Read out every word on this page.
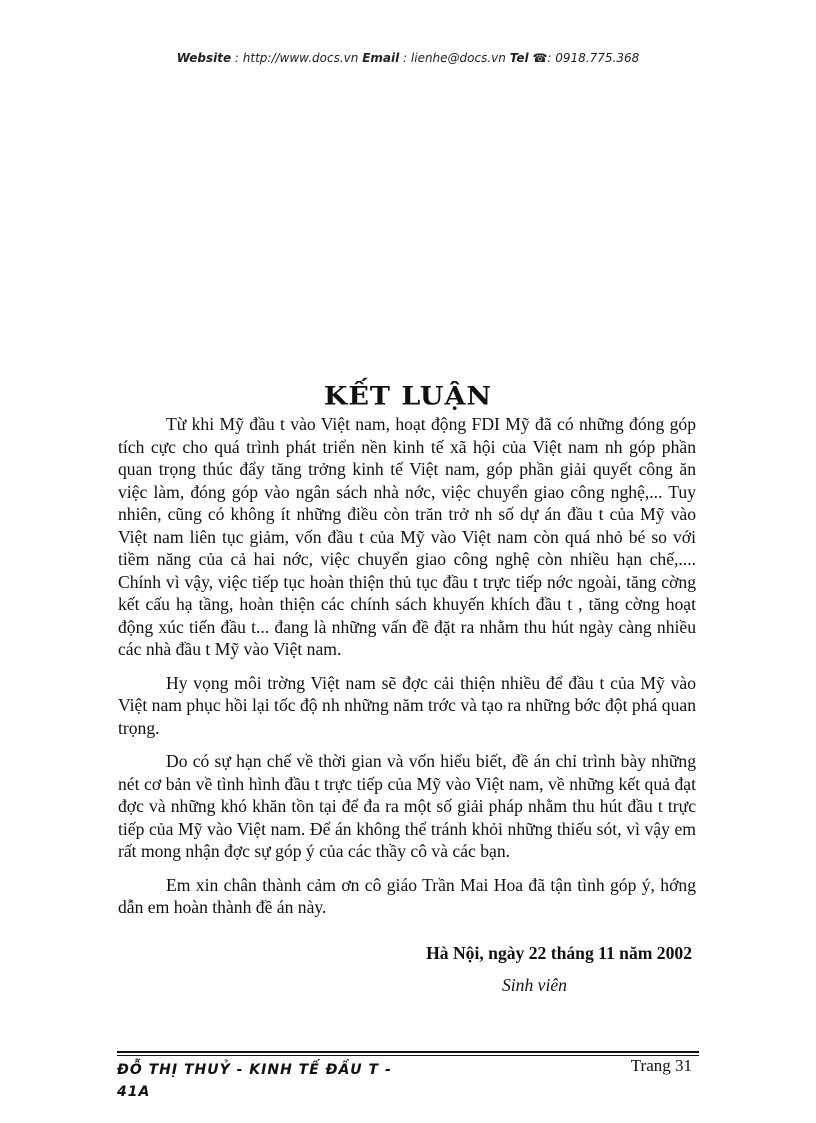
Website : http://www.docs.vn Email : lienhe@docs.vn Tel ☎: 0918.775.368
KẾT LUẬN

Từ khi Mỹ đầu t vào Việt nam, hoạt động FDI Mỹ đã có những đóng góp tích cực cho quá trình phát triển nền kinh tế xã hội của Việt nam nh góp phần quan trọng thúc đẩy tăng trởng kinh tế Việt nam, góp phần giải quyết công ăn việc làm, đóng góp vào ngân sách nhà nớc, việc chuyển giao công nghệ,... Tuy nhiên, cũng có không ít những điều còn trăn trở nh số dự án đầu t của Mỹ vào Việt nam liên tục giảm, vốn đầu t của Mỹ vào Việt nam còn quá nhỏ bé so với tiềm năng của cả hai nớc, việc chuyển giao công nghệ còn nhiều hạn chế,.... Chính vì vậy, việc tiếp tục hoàn thiện thủ tục đầu t trực tiếp nớc ngoài, tăng cờng kết cấu hạ tầng, hoàn thiện các chính sách khuyến khích đầu t , tăng cờng hoạt động xúc tiến đầu t... đang là những vấn đề đặt ra nhằm thu hút ngày càng nhiều các nhà đầu t Mỹ vào Việt nam.

Hy vọng môi trờng Việt nam sẽ đợc cải thiện nhiều để đầu t của Mỹ vào Việt nam phục hồi lại tốc độ nh những năm trớc và tạo ra những bớc đột phá quan trọng.

Do có sự hạn chế về thời gian và vốn hiểu biết, đề án chỉ trình bày những nét cơ bản về tình hình đầu t trực tiếp của Mỹ vào Việt nam, về những kết quả đạt đợc và những khó khăn tồn tại để đa ra một số giải pháp nhằm thu hút đầu t trực tiếp của Mỹ vào Việt nam. Để án không thể tránh khỏi những thiếu sót, vì vậy em rất mong nhận đợc sự góp ý của các thầy cô và các bạn.

Em xin chân thành cảm ơn cô giáo Trần Mai Hoa đã tận tình góp ý, hớng dẫn em hoàn thành đề án này.

Hà Nội, ngày 22 tháng 11 năm 2002
Sinh viên
ĐỖ THỊ THUỶ - KINH TẾ ĐẦU T - 41A
Trang 31
